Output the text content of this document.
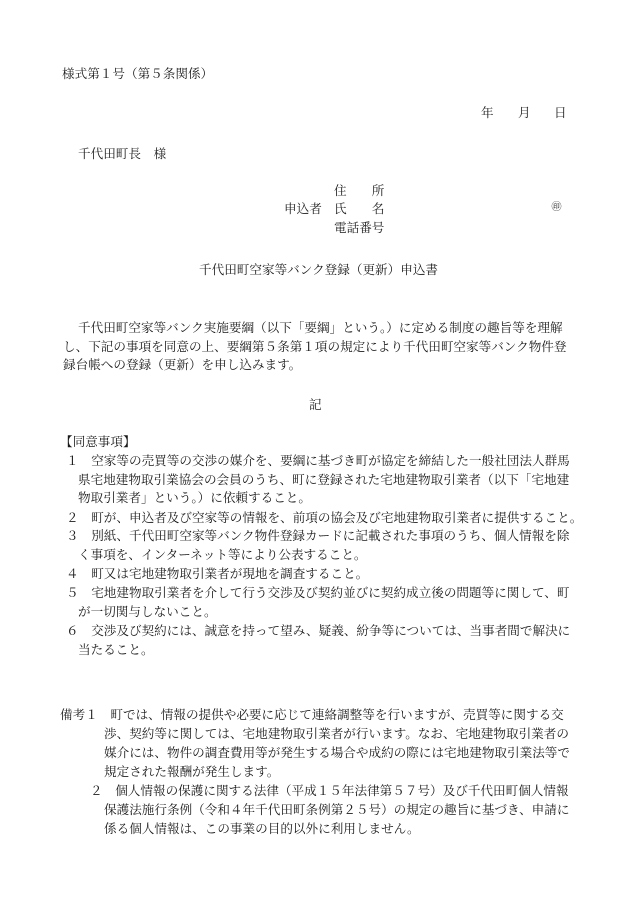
様式第１号（第５条関係）
年 月 日
千代田町長　様
住　　所
申込者 氏　　名	㊞
電話番号
千代田町空家等バンク登録（更新）申込書
千代田町空家等バンク実施要綱（以下「要綱」という。）に定める制度の趣旨等を理解
し、下記の事項を同意の上、要綱第５条第１項の規定により千代田町空家等バンク物件登
録台帳への登録（更新）を申し込みます。
記
【同意事項】
１　空家等の売買等の交渉の媒介を、要綱に基づき町が協定を締結した一般社団法人群馬
県宅地建物取引業協会の会員のうち、町に登録された宅地建物取引業者（以下「宅地建
物取引業者」という。）に依頼すること。
２　町が、申込者及び空家等の情報を、前項の協会及び宅地建物取引業者に提供すること。
３　別紙、千代田町空家等バンク物件登録カードに記載された事項のうち、個人情報を除
く事項を、インターネット等により公表すること。
４　町又は宅地建物取引業者が現地を調査すること。
５　宅地建物取引業者を介して行う交渉及び契約並びに契約成立後の問題等に関して、町
が一切関与しないこと。
６　交渉及び契約には、誠意を持って望み、疑義、紛争等については、当事者間で解決に
当たること。
備考１　町では、情報の提供や必要に応じて連絡調整等を行いますが、売買等に関する交
渉、契約等に関しては、宅地建物取引業者が行います。なお、宅地建物取引業者の
媒介には、物件の調査費用等が発生する場合や成約の際には宅地建物取引業法等で
規定された報酬が発生します。
２　個人情報の保護に関する法律（平成１５年法律第５７号）及び千代田町個人情報
保護法施行条例（令和４年千代田町条例第２５号）の規定の趣旨に基づき、申請に
係る個人情報は、この事業の目的以外に利用しません。
